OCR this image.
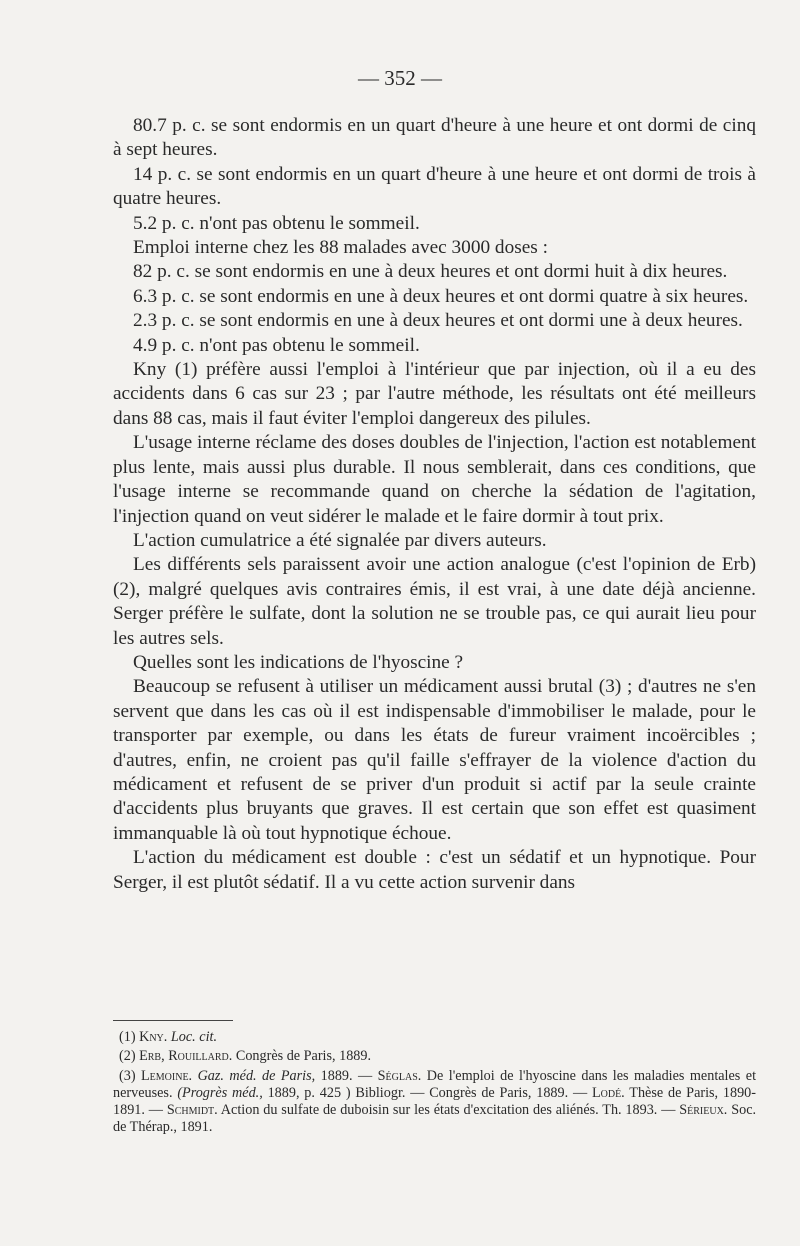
— 352 —

80.7 p. c. se sont endormis en un quart d'heure à une heure et ont dormi de cinq à sept heures.

14 p. c. se sont endormis en un quart d'heure à une heure et ont dormi de trois à quatre heures.

5.2 p. c. n'ont pas obtenu le sommeil.

Emploi interne chez les 88 malades avec 3000 doses :

82 p. c. se sont endormis en une à deux heures et ont dormi huit à dix heures.

6.3 p. c. se sont endormis en une à deux heures et ont dormi quatre à six heures.

2.3 p. c. se sont endormis en une à deux heures et ont dormi une à deux heures.

4.9 p. c. n'ont pas obtenu le sommeil.

Kny (1) préfère aussi l'emploi à l'intérieur que par injection, où il a eu des accidents dans 6 cas sur 23 ; par l'autre méthode, les résultats ont été meilleurs dans 88 cas, mais il faut éviter l'emploi dangereux des pilules.

L'usage interne réclame des doses doubles de l'injection, l'action est notablement plus lente, mais aussi plus durable. Il nous semblerait, dans ces conditions, que l'usage interne se recommande quand on cherche la sédation de l'agitation, l'injection quand on veut sidérer le malade et le faire dormir à tout prix.

L'action cumulatrice a été signalée par divers auteurs.

Les différents sels paraissent avoir une action analogue (c'est l'opinion de Erb) (2), malgré quelques avis contraires émis, il est vrai, à une date déjà ancienne. Serger préfère le sulfate, dont la solution ne se trouble pas, ce qui aurait lieu pour les autres sels.

Quelles sont les indications de l'hyoscine ?

Beaucoup se refusent à utiliser un médicament aussi brutal (3) ; d'autres ne s'en servent que dans les cas où il est indispensable d'immobiliser le malade, pour le transporter par exemple, ou dans les états de fureur vraiment incoërcibles ; d'autres, enfin, ne croient pas qu'il faille s'effrayer de la violence d'action du médicament et refusent de se priver d'un produit si actif par la seule crainte d'accidents plus bruyants que graves. Il est certain que son effet est quasiment immanquable là où tout hypnotique échoue.

L'action du médicament est double : c'est un sédatif et un hypnotique. Pour Serger, il est plutôt sédatif. Il a vu cette action survenir dans

(1) Kny. Loc. cit.

(2) Erb, Rouillard. Congrès de Paris, 1889.

(3) Lemoine. Gaz. méd. de Paris, 1889. — Séglas. De l'emploi de l'hyoscine dans les maladies mentales et nerveuses. (Progrès méd., 1889, p. 425 ) Bibliogr. — Congrès de Paris, 1889. — Lodé. Thèse de Paris, 1890-1891. — Schmidt. Action du sulfate de duboisin sur les états d'excitation des aliénés. Th. 1893. — Sérieux. Soc. de Thérap., 1891.
